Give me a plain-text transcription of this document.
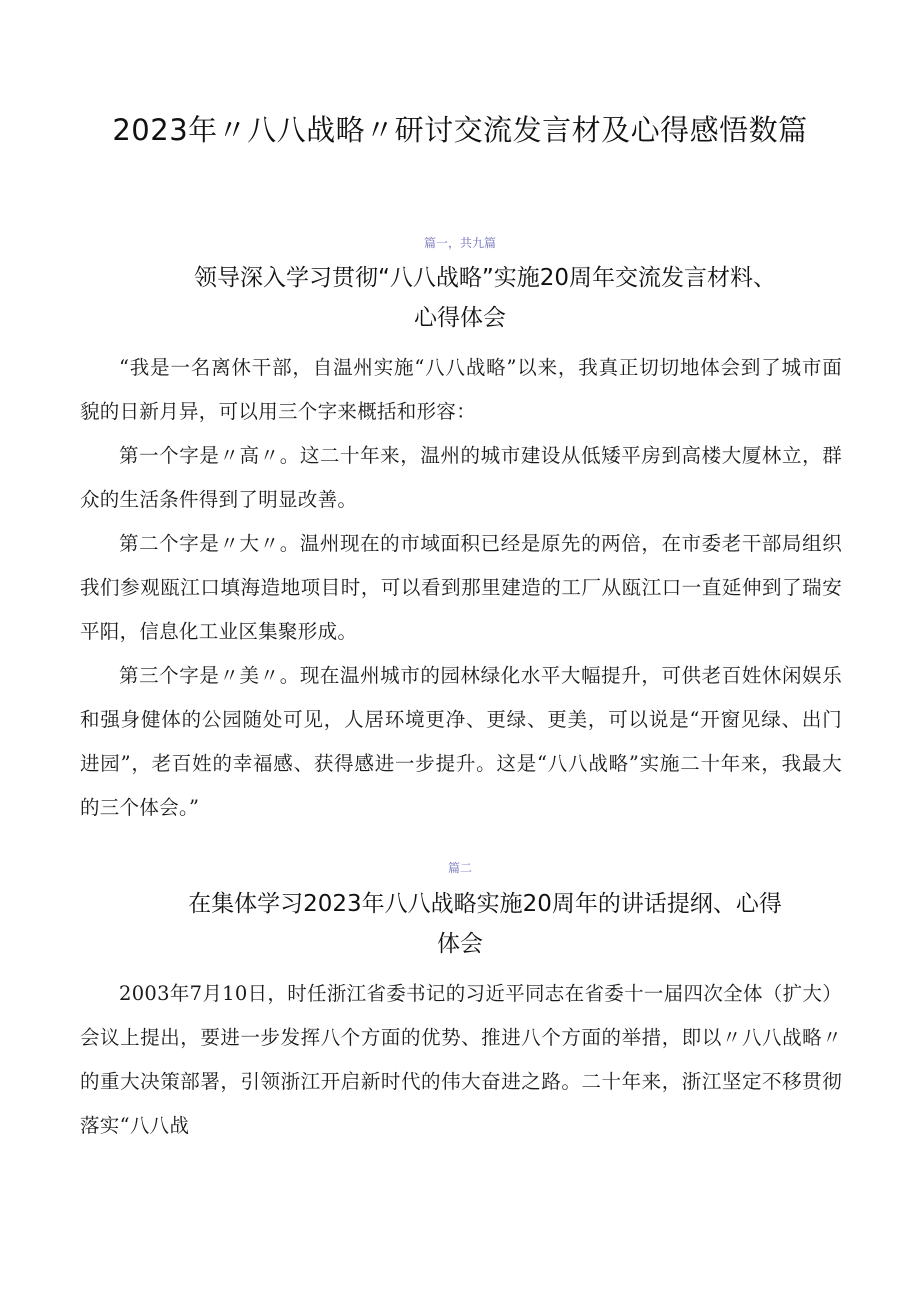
2023年〃八八战略〃研讨交流发言材及心得感悟数篇
篇一，共九篇
领导深入学习贯彻“八八战略”实施20周年交流发言材料、
心得体会

“我是一名离休干部，自温州实施“八八战略”以来，我真正切切地体会到了城市面貌的日新月异，可以用三个字来概括和形容：

第一个字是〃高〃。这二十年来，温州的城市建设从低矮平房到高楼大厦林立，群众的生活条件得到了明显改善。

第二个字是〃大〃。温州现在的市域面积已经是原先的两倍，在市委老干部局组织我们参观瓯江口填海造地项目时，可以看到那里建造的工厂从瓯江口一直延伸到了瑞安平阳，信息化工业区集聚形成。

第三个字是〃美〃。现在温州城市的园林绿化水平大幅提升，可供老百姓休闲娱乐和强身健体的公园随处可见，人居环境更净、更绿、更美，可以说是“开窗见绿、出门进园”，老百姓的幸福感、获得感进一步提升。这是“八八战略”实施二十年来，我最大的三个体会。”

篇二
在集体学习2023年八八战略实施20周年的讲话提纲、心得
体会

2003年7月10日，时任浙江省委书记的习近平同志在省委十一届四次全体（扩大）会议上提出，要进一步发挥八个方面的优势、推进八个方面的举措，即以〃八八战略〃的重大决策部署，引领浙江开启新时代的伟大奋进之路。二十年来，浙江坚定不移贯彻落实“八八战
